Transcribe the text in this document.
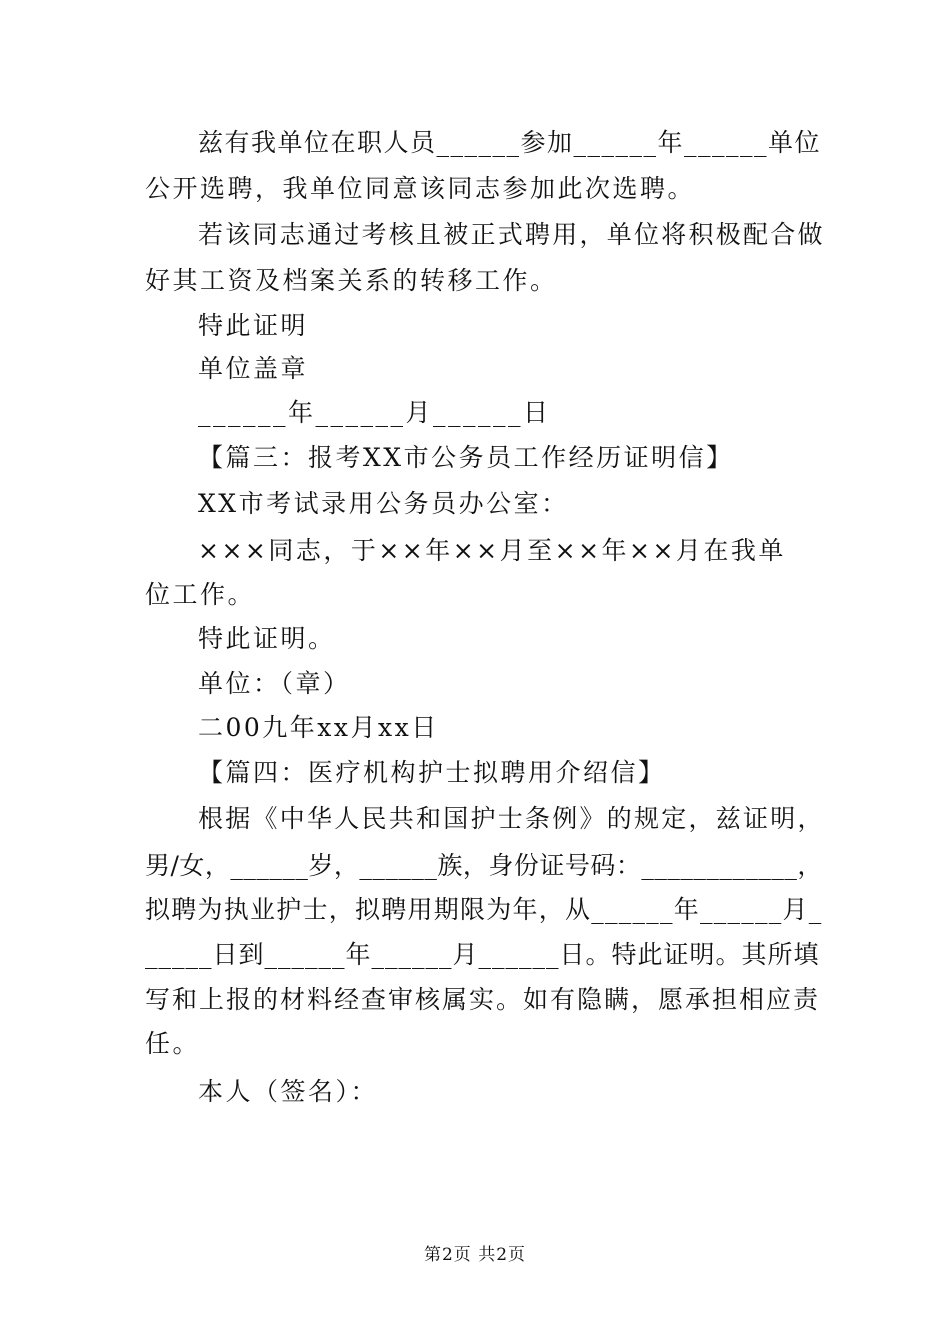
兹有我单位在职人员______参加______年______单位
公开选聘，我单位同意该同志参加此次选聘。
若该同志通过考核且被正式聘用，单位将积极配合做
好其工资及档案关系的转移工作。
特此证明
单位盖章
______年______月______日
【篇三：报考XX市公务员工作经历证明信】
XX市考试录用公务员办公室：
×××同志，于××年××月至××年××月在我单
位工作。
特此证明。
单位：（章）
二00九年xx月xx日
【篇四：医疗机构护士拟聘用介绍信】
根据《中华人民共和国护士条例》的规定，兹证明，
男/女，______岁，______族，身份证号码：____________，
拟聘为执业护士，拟聘用期限为年，从______年______月_
_____日到______年______月______日。特此证明。其所填
写和上报的材料经查审核属实。如有隐瞒，愿承担相应责
任。
本人（签名）：
第2页 共2页
